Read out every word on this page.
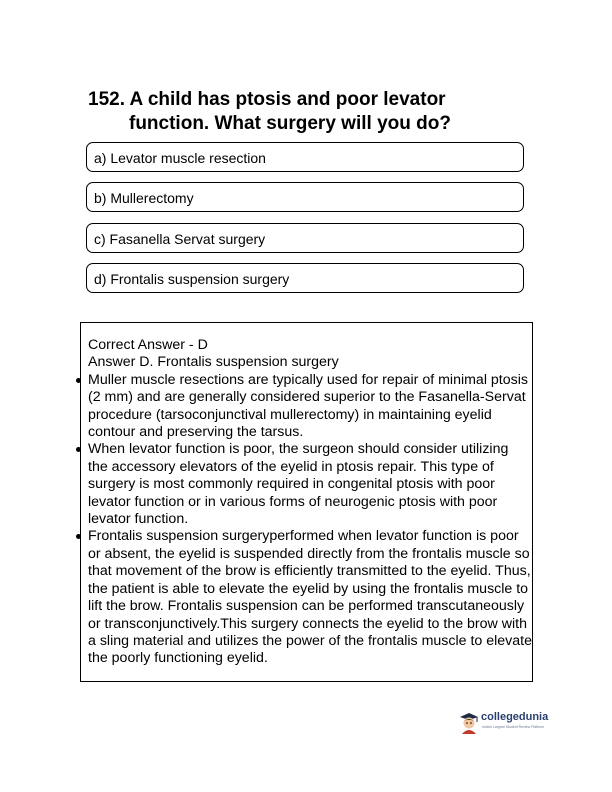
152. A child has ptosis and poor levator
function. What surgery will you do?
a) Levator muscle resection
b) Mullerectomy
c) Fasanella Servat surgery
d) Frontalis suspension surgery

Correct Answer - D

Answer D. Frontalis suspension surgery

Muller muscle resections are typically used for repair of minimal ptosis (2 mm) and are generally considered superior to the Fasanella-Servat procedure (tarsoconjunctival mullerectomy) in maintaining eyelid contour and preserving the tarsus.
When levator function is poor, the surgeon should consider utilizing the accessory elevators of the eyelid in ptosis repair. This type of surgery is most commonly required in congenital ptosis with poor levator function or in various forms of neurogenic ptosis with poor levator function.
Frontalis suspension surgeryperformed when levator function is poor or absent, the eyelid is suspended directly from the frontalis muscle so that movement of the brow is efficiently transmitted to the eyelid. Thus, the patient is able to elevate the eyelid by using the frontalis muscle to lift the brow. Frontalis suspension can be performed transcutaneously or transconjunctively.This surgery connects the eyelid to the brow with a sling material and utilizes the power of the frontalis muscle to elevate the poorly functioning eyelid.
collegedunia
India's Largest Student Review Platform
